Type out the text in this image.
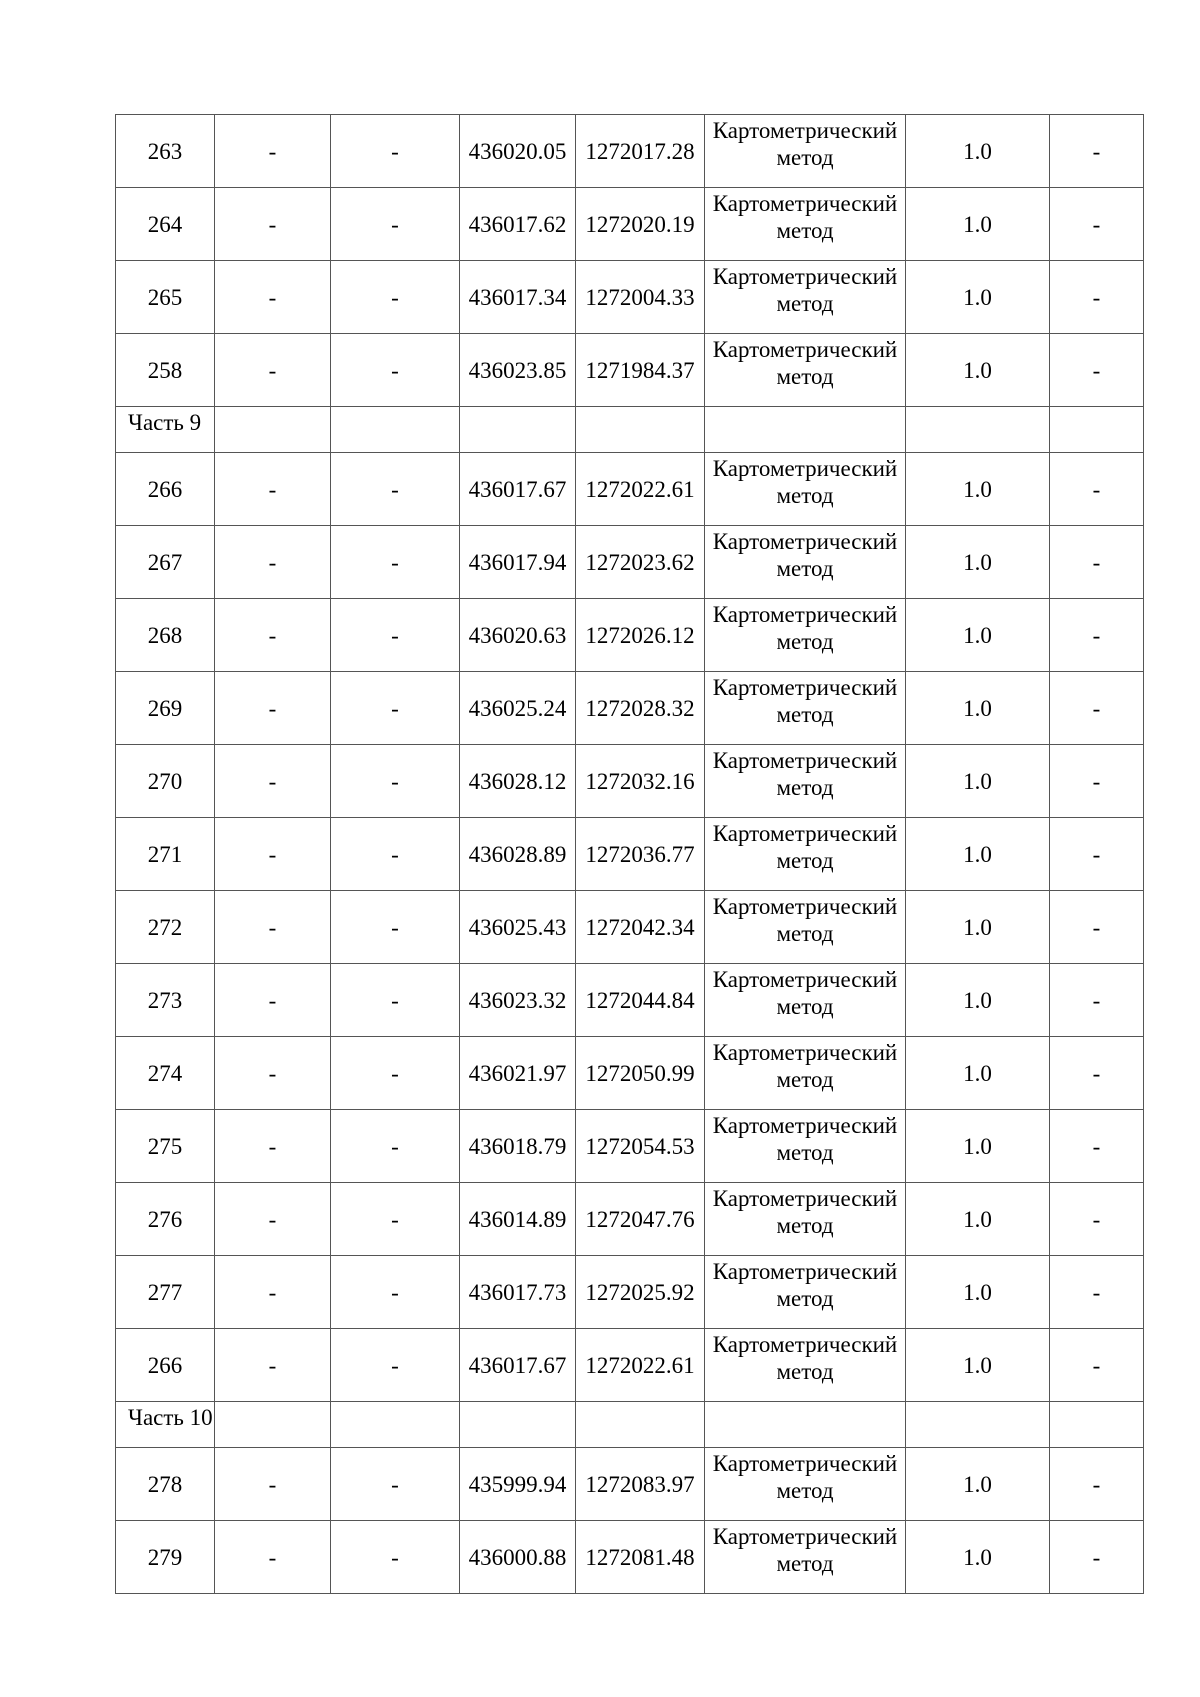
263	-	-	436020.05	1272017.28	Картометрический
метод	1.0	-
264	-	-	436017.62	1272020.19	Картометрический
метод	1.0	-
265	-	-	436017.34	1272004.33	Картометрический
метод	1.0	-
258	-	-	436023.85	1271984.37	Картометрический
метод	1.0	-
Часть 9							
266	-	-	436017.67	1272022.61	Картометрический
метод	1.0	-
267	-	-	436017.94	1272023.62	Картометрический
метод	1.0	-
268	-	-	436020.63	1272026.12	Картометрический
метод	1.0	-
269	-	-	436025.24	1272028.32	Картометрический
метод	1.0	-
270	-	-	436028.12	1272032.16	Картометрический
метод	1.0	-
271	-	-	436028.89	1272036.77	Картометрический
метод	1.0	-
272	-	-	436025.43	1272042.34	Картометрический
метод	1.0	-
273	-	-	436023.32	1272044.84	Картометрический
метод	1.0	-
274	-	-	436021.97	1272050.99	Картометрический
метод	1.0	-
275	-	-	436018.79	1272054.53	Картометрический
метод	1.0	-
276	-	-	436014.89	1272047.76	Картометрический
метод	1.0	-
277	-	-	436017.73	1272025.92	Картометрический
метод	1.0	-
266	-	-	436017.67	1272022.61	Картометрический
метод	1.0	-
Часть 10							
278	-	-	435999.94	1272083.97	Картометрический
метод	1.0	-
279	-	-	436000.88	1272081.48	Картометрический
метод	1.0	-
